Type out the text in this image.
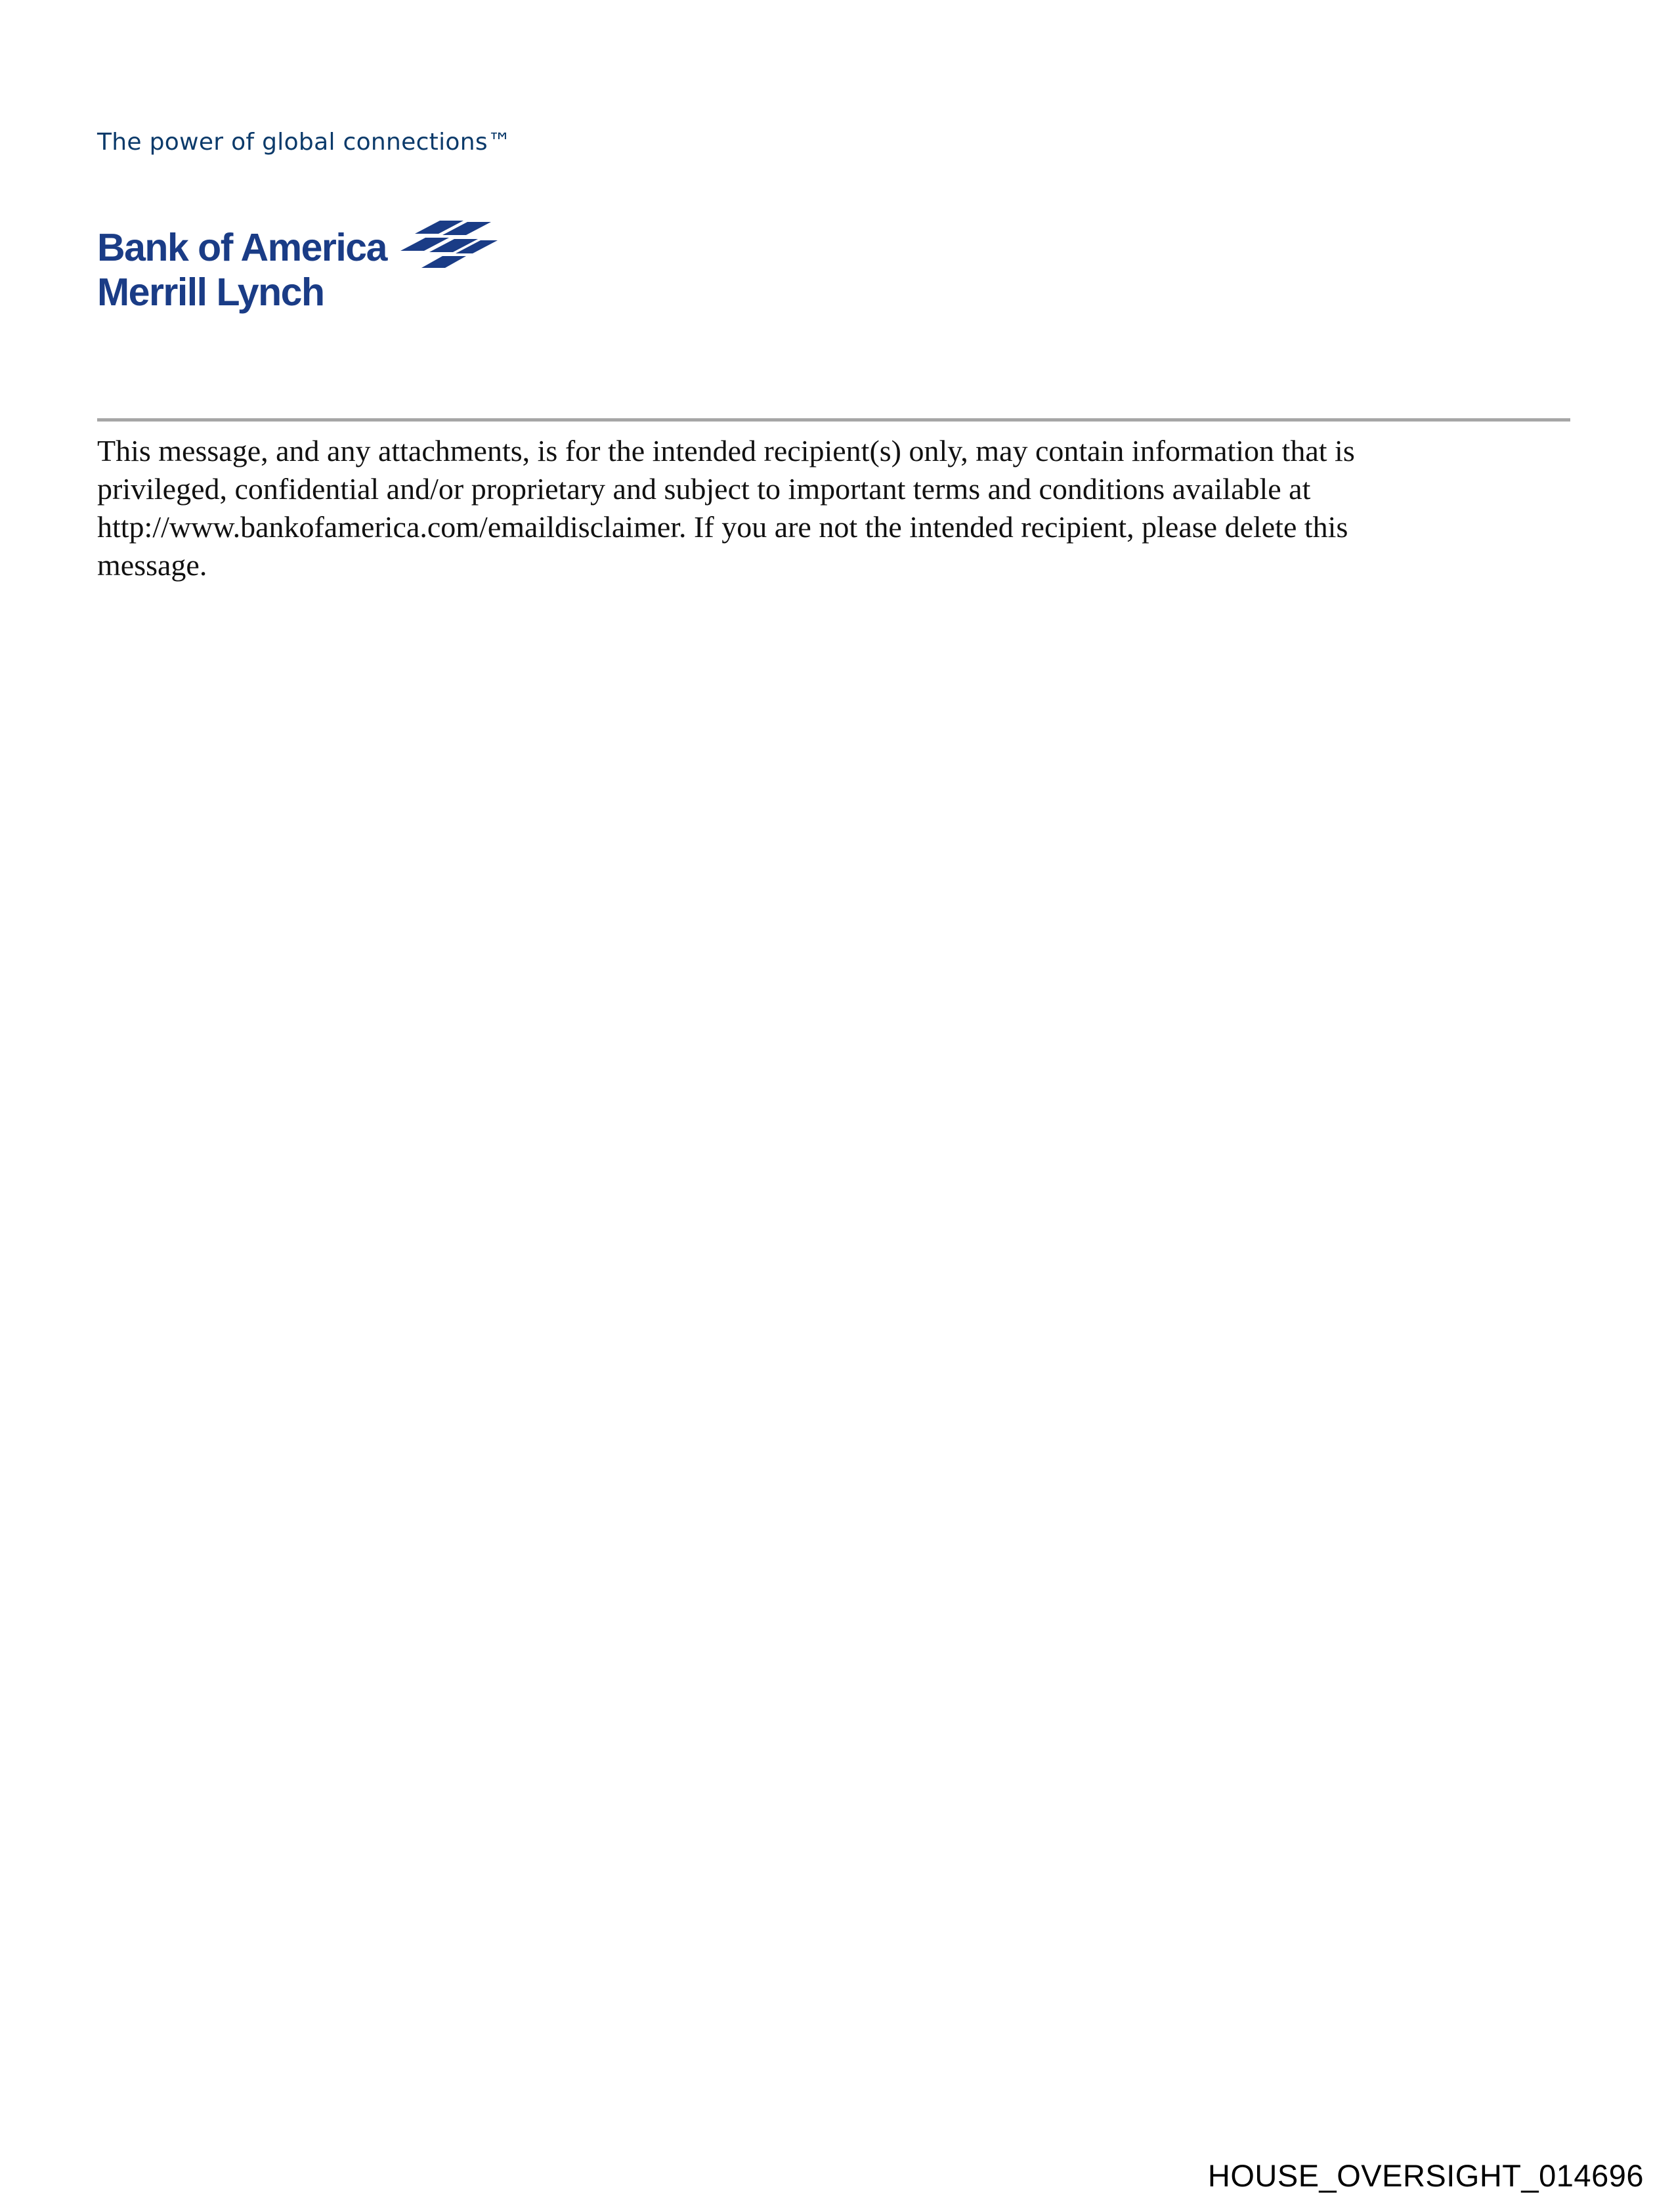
The power of global connections™
Bank of America
Merrill Lynch
This message, and any attachments, is for the intended recipient(s) only, may contain information that is
privileged, confidential and/or proprietary and subject to important terms and conditions available at
http://www.bankofamerica.com/emaildisclaimer. If you are not the intended recipient, please delete this
message.
HOUSE_OVERSIGHT_014696
